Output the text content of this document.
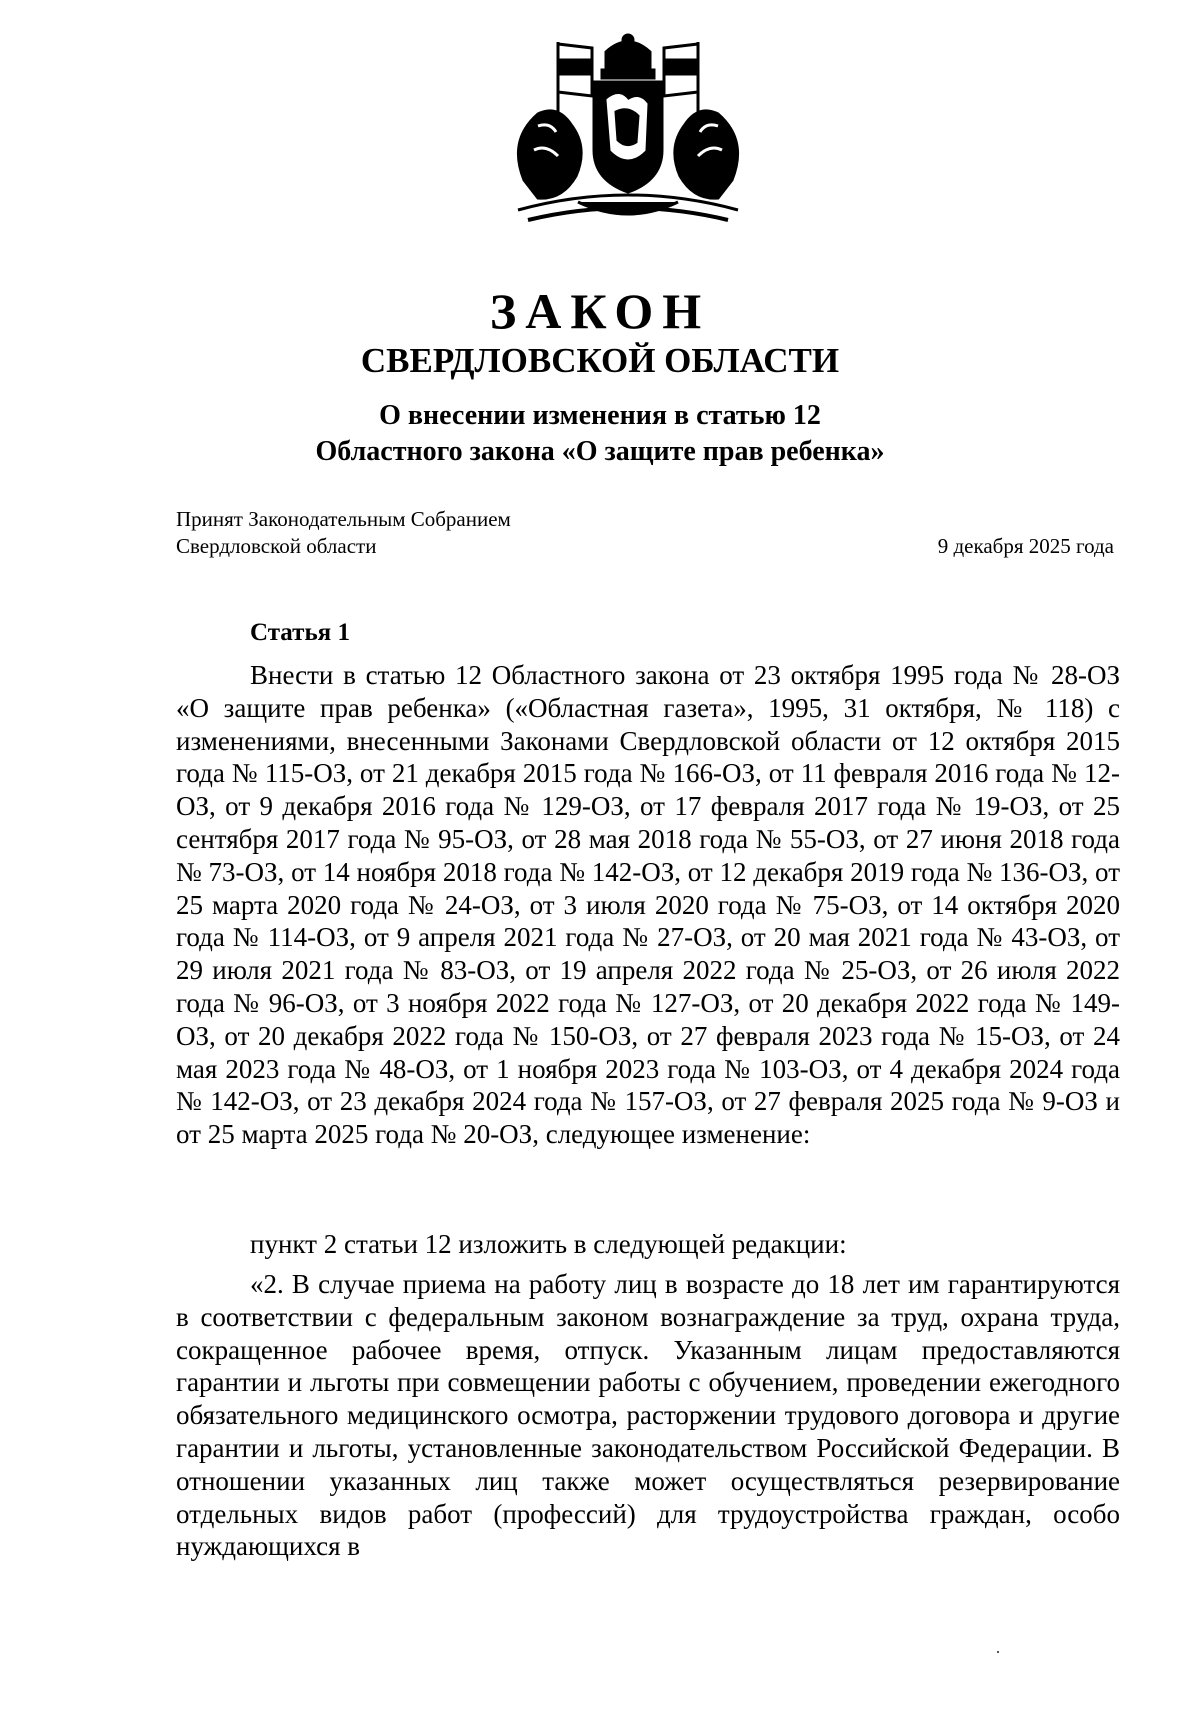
ЗАКОН
СВЕРДЛОВСКОЙ ОБЛАСТИ
О внесении изменения в статью 12
Областного закона «О защите прав ребенка»
Принят Законодательным Собранием
Свердловской области	9 декабря 2025 года
Статья 1
Внести в статью 12 Областного закона от 23 октября 1995 года № 28-ОЗ «О защите прав ребенка» («Областная газета», 1995, 31 октября, № 118) с изменениями, внесенными Законами Свердловской области от 12 октября 2015 года № 115-ОЗ, от 21 декабря 2015 года № 166-ОЗ, от 11 февраля 2016 года № 12-ОЗ, от 9 декабря 2016 года № 129-ОЗ, от 17 февраля 2017 года № 19-ОЗ, от 25 сентября 2017 года № 95-ОЗ, от 28 мая 2018 года № 55-ОЗ, от 27 июня 2018 года № 73-ОЗ, от 14 ноября 2018 года № 142-ОЗ, от 12 декабря 2019 года № 136-ОЗ, от 25 марта 2020 года № 24-ОЗ, от 3 июля 2020 года № 75-ОЗ, от 14 октября 2020 года № 114-ОЗ, от 9 апреля 2021 года № 27-ОЗ, от 20 мая 2021 года № 43-ОЗ, от 29 июля 2021 года № 83-ОЗ, от 19 апреля 2022 года № 25-ОЗ, от 26 июля 2022 года № 96-ОЗ, от 3 ноября 2022 года № 127-ОЗ, от 20 декабря 2022 года № 149-ОЗ, от 20 декабря 2022 года № 150-ОЗ, от 27 февраля 2023 года № 15-ОЗ, от 24 мая 2023 года № 48-ОЗ, от 1 ноября 2023 года № 103-ОЗ, от 4 декабря 2024 года № 142-ОЗ, от 23 декабря 2024 года № 157-ОЗ, от 27 февраля 2025 года № 9-ОЗ и от 25 марта 2025 года № 20-ОЗ, следующее изменение:
пункт 2 статьи 12 изложить в следующей редакции:
«2. В случае приема на работу лиц в возрасте до 18 лет им гарантируются в соответствии с федеральным законом вознаграждение за труд, охрана труда, сокращенное рабочее время, отпуск. Указанным лицам предоставляются гарантии и льготы при совмещении работы с обучением, проведении ежегодного обязательного медицинского осмотра, расторжении трудового договора и другие гарантии и льготы, установленные законодательством Российской Федерации. В отношении указанных лиц также может осуществляться резервирование отдельных видов работ (профессий) для трудоустройства граждан, особо нуждающихся в
